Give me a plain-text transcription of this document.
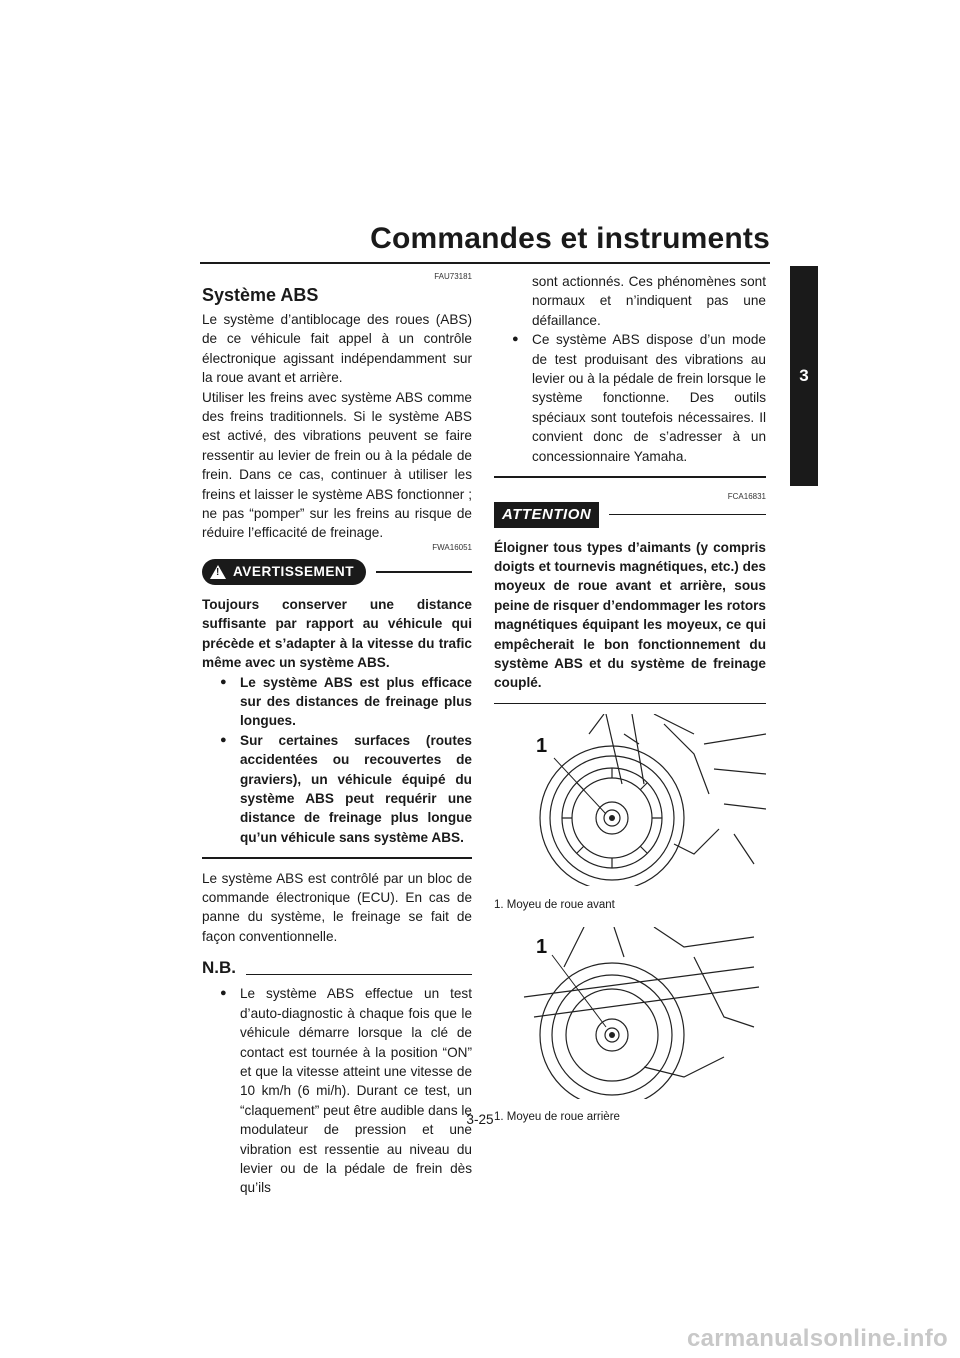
Commandes et instruments
3
FAU73181
Système ABS

Le système d’antiblocage des roues (ABS) de ce véhicule fait appel à un contrôle électronique agissant indépendamment sur la roue avant et arrière.

Utiliser les freins avec système ABS comme des freins traditionnels. Si le système ABS est activé, des vibrations peuvent se faire ressentir au levier de frein ou à la pédale de frein. Dans ce cas, continuer à utiliser les freins et laisser le système ABS fonctionner ; ne pas “pomper” sur les freins au risque de réduire l’efficacité de freinage.

FWA16051
! AVERTISSEMENT

Toujours conserver une distance suffisante par rapport au véhicule qui précède et s’adapter à la vitesse du trafic même avec un système ABS.

● Le système ABS est plus efficace sur des distances de freinage plus longues.

● Sur certaines surfaces (routes accidentées ou recouvertes de graviers), un véhicule équipé du système ABS peut requérir une distance de freinage plus longue qu’un véhicule sans système ABS.

Le système ABS est contrôlé par un bloc de commande électronique (ECU). En cas de panne du système, le freinage se fait de façon conventionnelle.

N.B.

● Le système ABS effectue un test d’auto-diagnostic à chaque fois que le véhicule démarre lorsque la clé de contact est tournée à la position “ON” et que la vitesse atteint une vitesse de 10 km/h (6 mi/h). Durant ce test, un “claquement” peut être audible dans le modulateur de pression et une vibration est ressentie au niveau du levier ou de la pédale de frein dès qu’ils

sont actionnés. Ces phénomènes sont normaux et n’indiquent pas une défaillance.

● Ce système ABS dispose d’un mode de test produisant des vibrations au levier ou à la pédale de frein lorsque le système fonctionne. Des outils spéciaux sont toutefois nécessaires. Il convient donc de s’adresser à un concessionnaire Yamaha.

FCA16831
ATTENTION

Éloigner tous types d’aimants (y compris doigts et tournevis magnétiques, etc.) des moyeux de roue avant et arrière, sous peine de risquer d’endommager les rotors magnétiques équipant les moyeux, ce qui empêcherait le bon fonctionnement du système ABS et du système de freinage couplé.

1

1. Moyeu de roue avant

1

1. Moyeu de roue arrière

3-25
carmanualsonline.info
